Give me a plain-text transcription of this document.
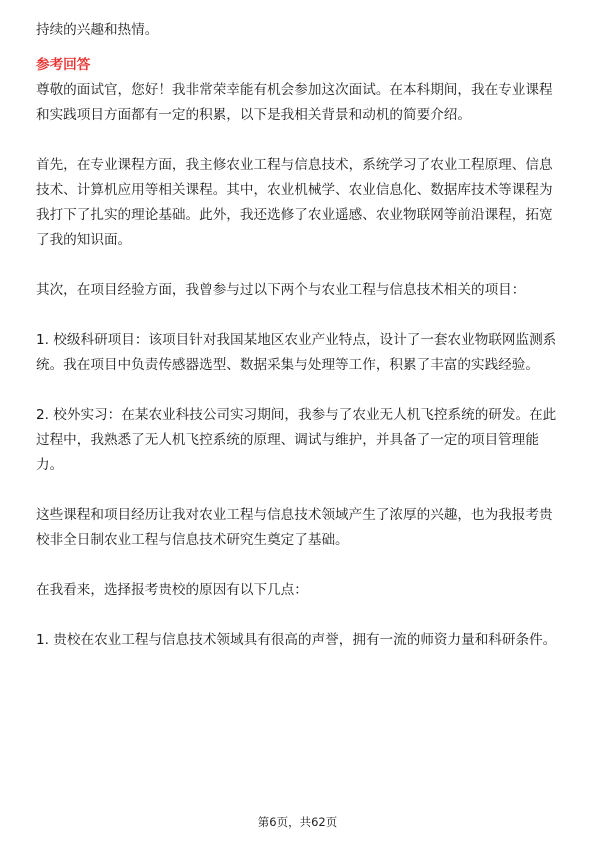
持续的兴趣和热情。

参考回答

尊敬的面试官，您好！我非常荣幸能有机会参加这次面试。在本科期间，我在专业课程和实践项目方面都有一定的积累，以下是我相关背景和动机的简要介绍。

首先，在专业课程方面，我主修农业工程与信息技术，系统学习了农业工程原理、信息技术、计算机应用等相关课程。其中，农业机械学、农业信息化、数据库技术等课程为我打下了扎实的理论基础。此外，我还选修了农业遥感、农业物联网等前沿课程，拓宽了我的知识面。

其次，在项目经验方面，我曾参与过以下两个与农业工程与信息技术相关的项目：

1. 校级科研项目：该项目针对我国某地区农业产业特点，设计了一套农业物联网监测系统。我在项目中负责传感器选型、数据采集与处理等工作，积累了丰富的实践经验。

2. 校外实习：在某农业科技公司实习期间，我参与了农业无人机飞控系统的研发。在此过程中，我熟悉了无人机飞控系统的原理、调试与维护，并具备了一定的项目管理能力。

这些课程和项目经历让我对农业工程与信息技术领域产生了浓厚的兴趣，也为我报考贵校非全日制农业工程与信息技术研究生奠定了基础。

在我看来，选择报考贵校的原因有以下几点：

1. 贵校在农业工程与信息技术领域具有很高的声誉，拥有一流的师资力量和科研条件。

第6页，共62页
